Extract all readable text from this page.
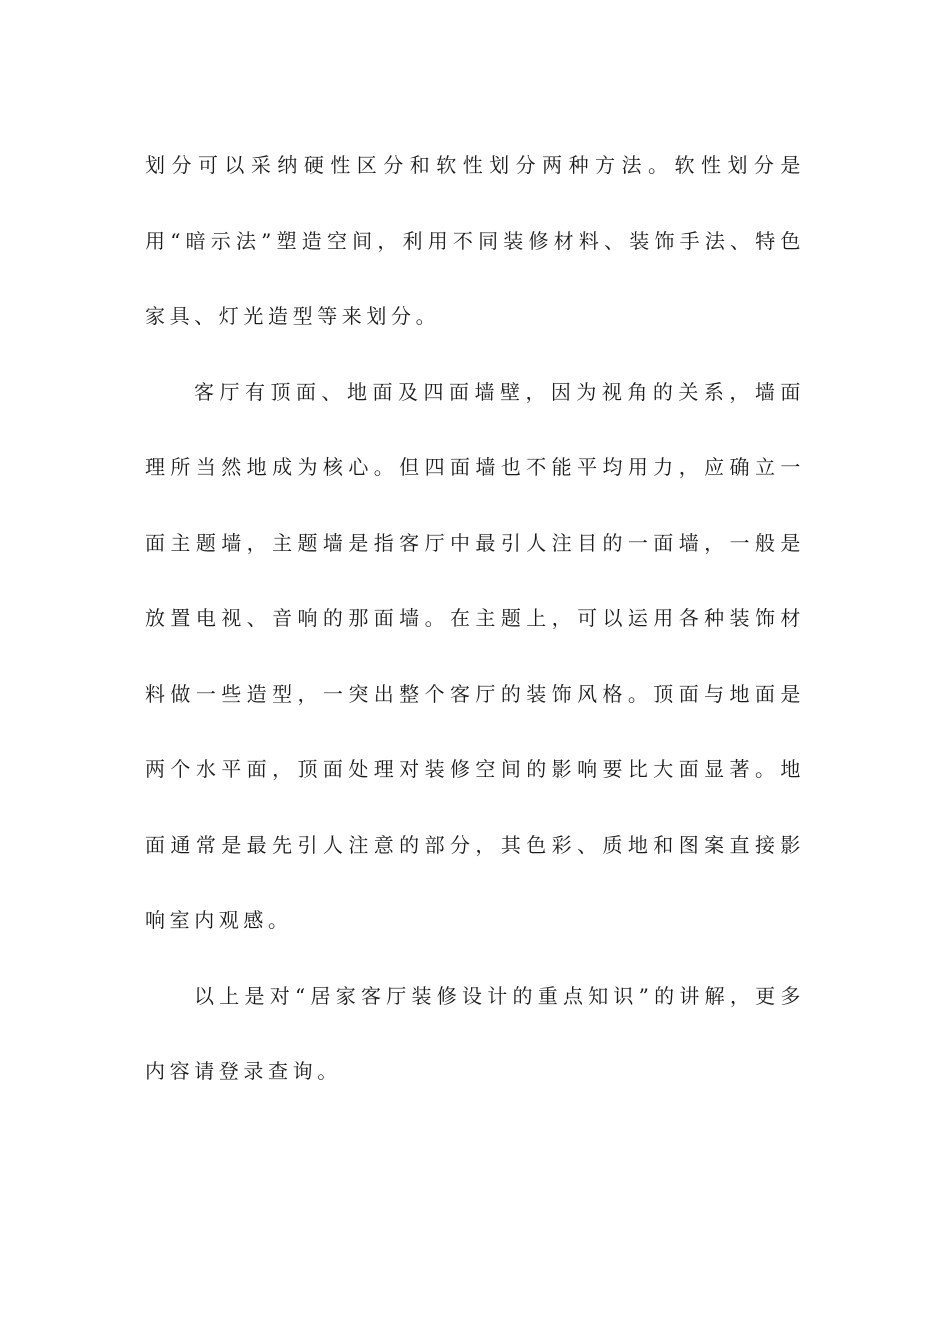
划分可以采纳硬性区分和软性划分两种方法。软性划分是用“暗示法”塑造空间，利用不同装修材料、装饰手法、特色家具、灯光造型等来划分。

客厅有顶面、地面及四面墙壁，因为视角的关系，墙面理所当然地成为核心。但四面墙也不能平均用力，应确立一面主题墙，主题墙是指客厅中最引人注目的一面墙，一般是放置电视、音响的那面墙。在主题上，可以运用各种装饰材料做一些造型，一突出整个客厅的装饰风格。顶面与地面是两个水平面，顶面处理对装修空间的影响要比大面显著。地面通常是最先引人注意的部分，其色彩、质地和图案直接影响室内观感。

以上是对“居家客厅装修设计的重点知识”的讲解，更多内容请登录查询。
